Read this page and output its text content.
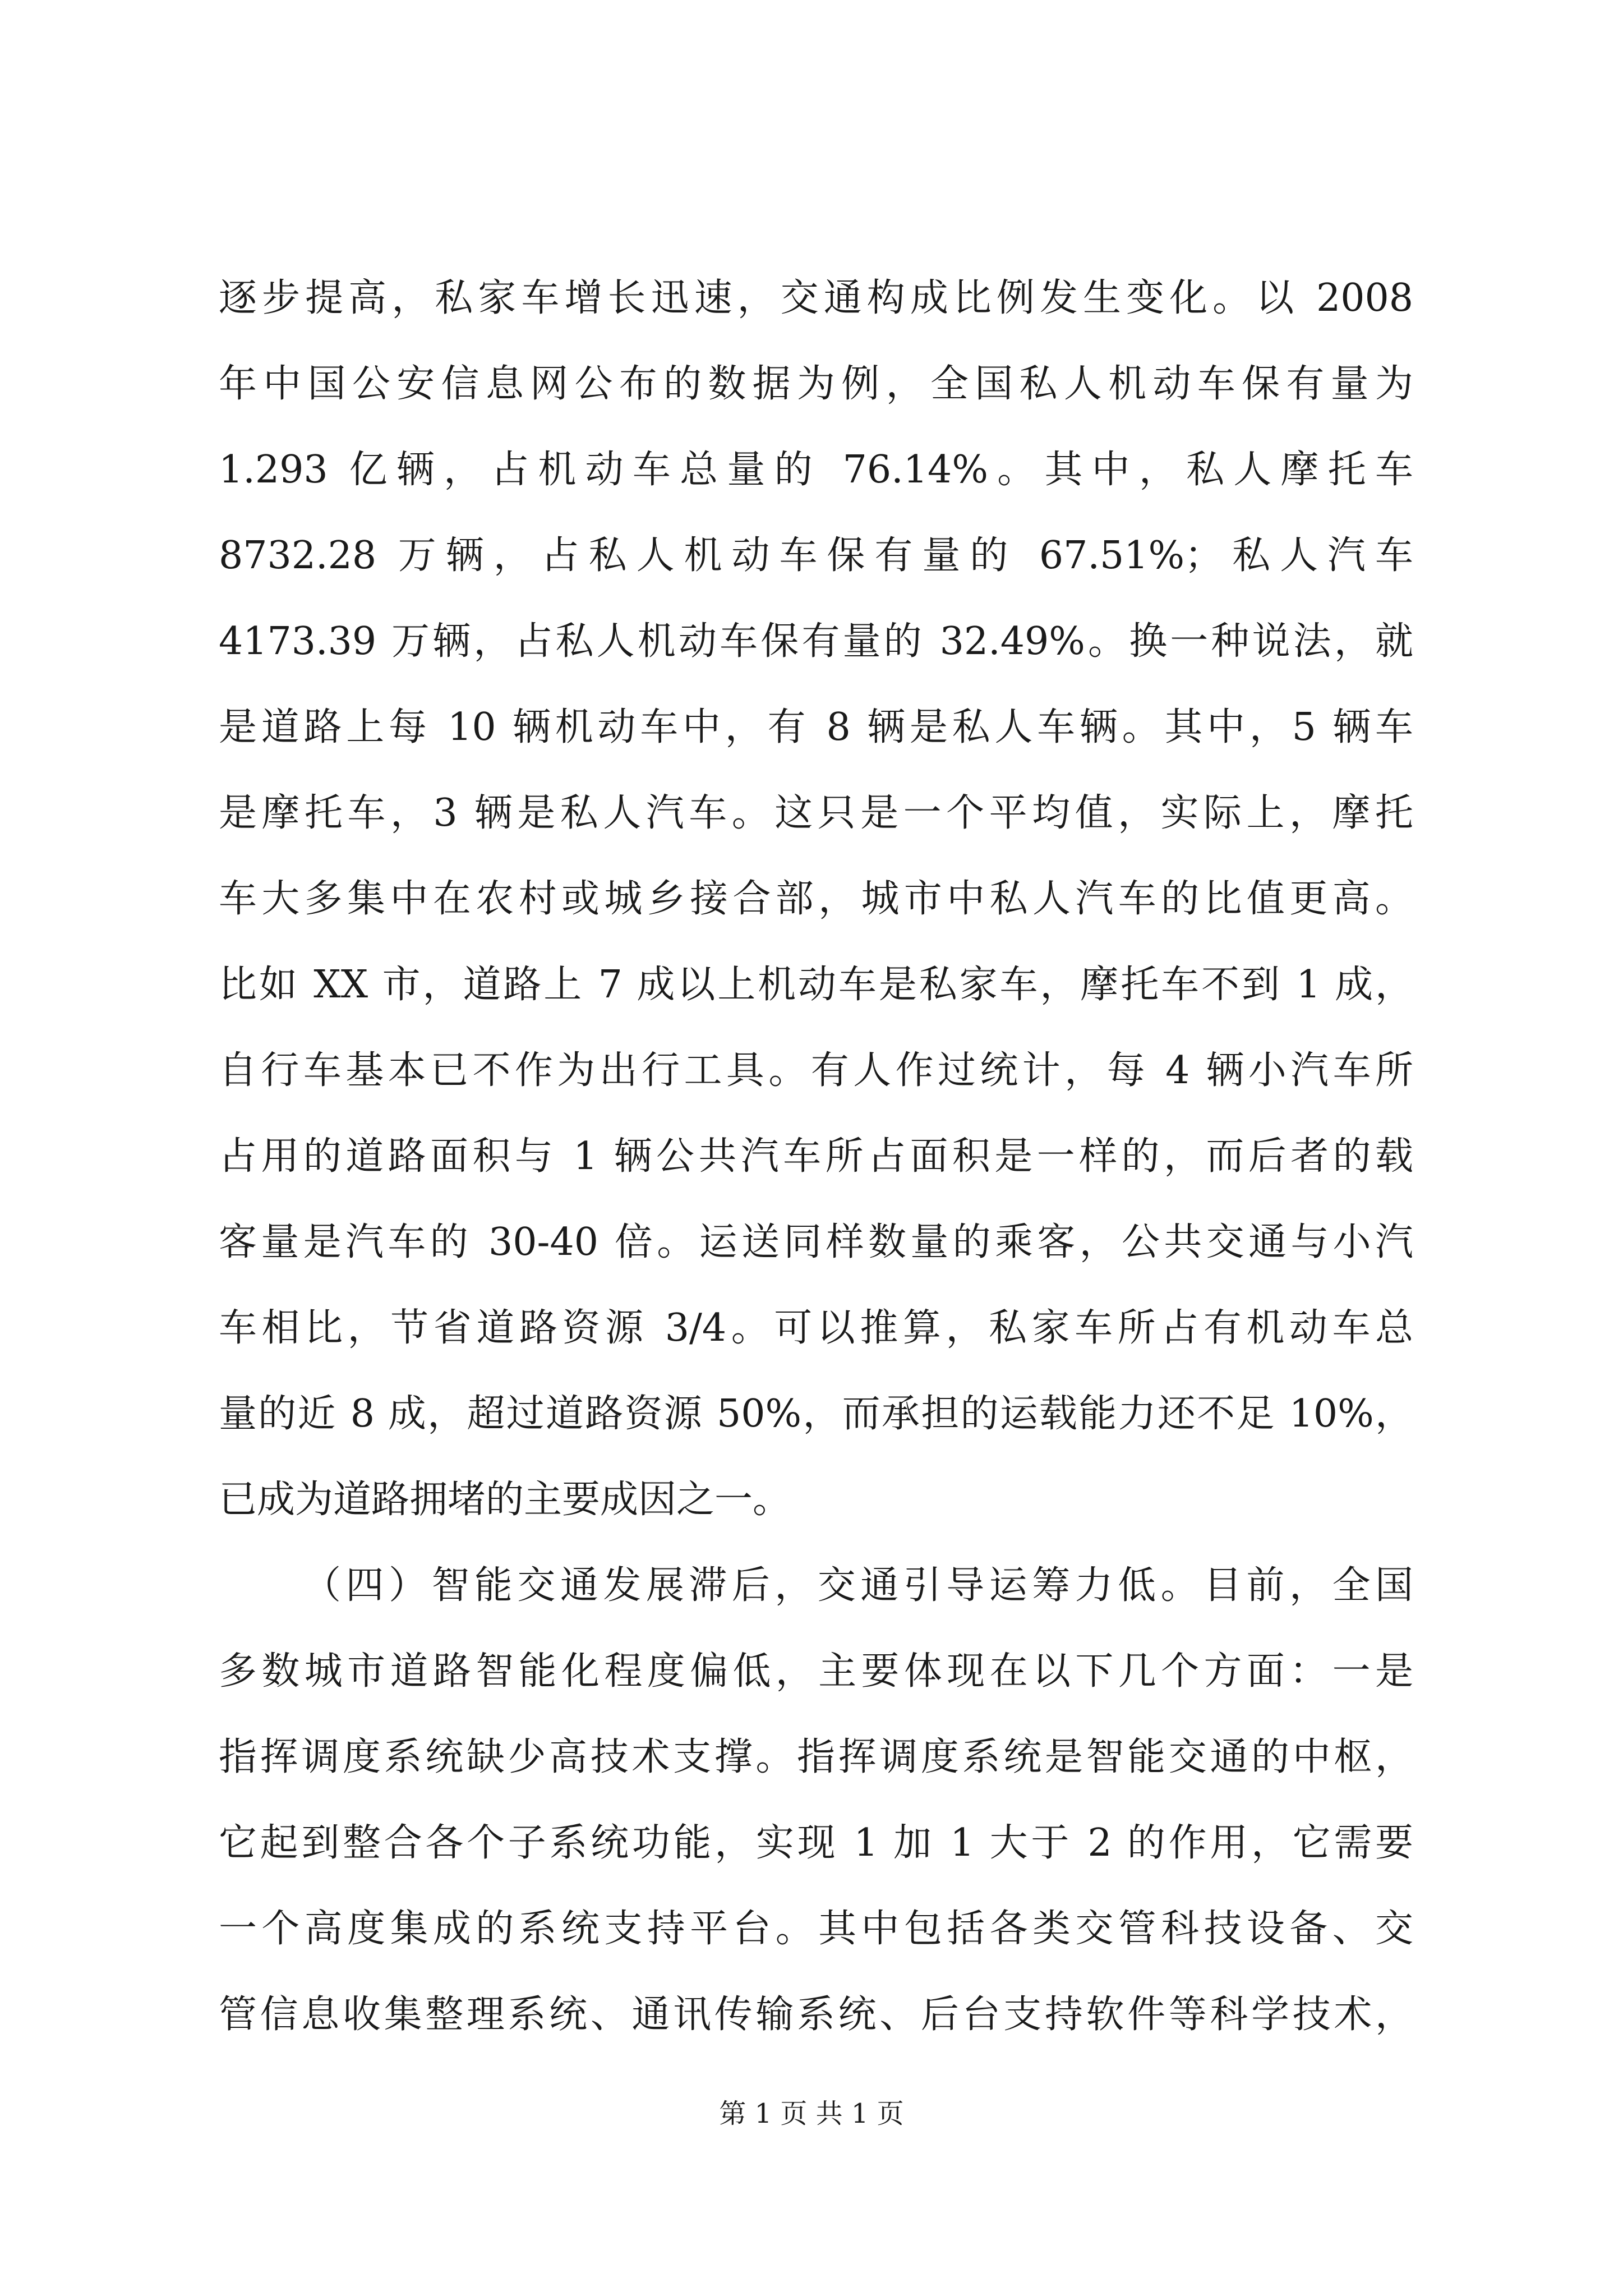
逐步提高，私家车增长迅速，交通构成比例发生变化。以 2008
年中国公安信息网公布的数据为例，全国私人机动车保有量为
1.293 亿辆，占机动车总量的 76.14%。其中，私人摩托车
8732.28 万辆，占私人机动车保有量的 67.51%；私人汽车
4173.39 万辆，占私人机动车保有量的 32.49%。换一种说法，就
是道路上每 10 辆机动车中，有 8 辆是私人车辆。其中，5 辆车
是摩托车，3 辆是私人汽车。这只是一个平均值，实际上，摩托
车大多集中在农村或城乡接合部，城市中私人汽车的比值更高。
比如 XX 市，道路上 7 成以上机动车是私家车，摩托车不到 1 成，
自行车基本已不作为出行工具。有人作过统计，每 4 辆小汽车所
占用的道路面积与 1 辆公共汽车所占面积是一样的，而后者的载
客量是汽车的 30-40 倍。运送同样数量的乘客，公共交通与小汽
车相比，节省道路资源 3/4。可以推算，私家车所占有机动车总
量的近 8 成，超过道路资源 50%，而承担的运载能力还不足 10%，
已成为道路拥堵的主要成因之一。
（四）智能交通发展滞后，交通引导运筹力低。目前，全国
多数城市道路智能化程度偏低，主要体现在以下几个方面：一是
指挥调度系统缺少高技术支撑。指挥调度系统是智能交通的中枢，
它起到整合各个子系统功能，实现 1 加 1 大于 2 的作用，它需要
一个高度集成的系统支持平台。其中包括各类交管科技设备、交
管信息收集整理系统、通讯传输系统、后台支持软件等科学技术，
第 1 页 共 1 页
